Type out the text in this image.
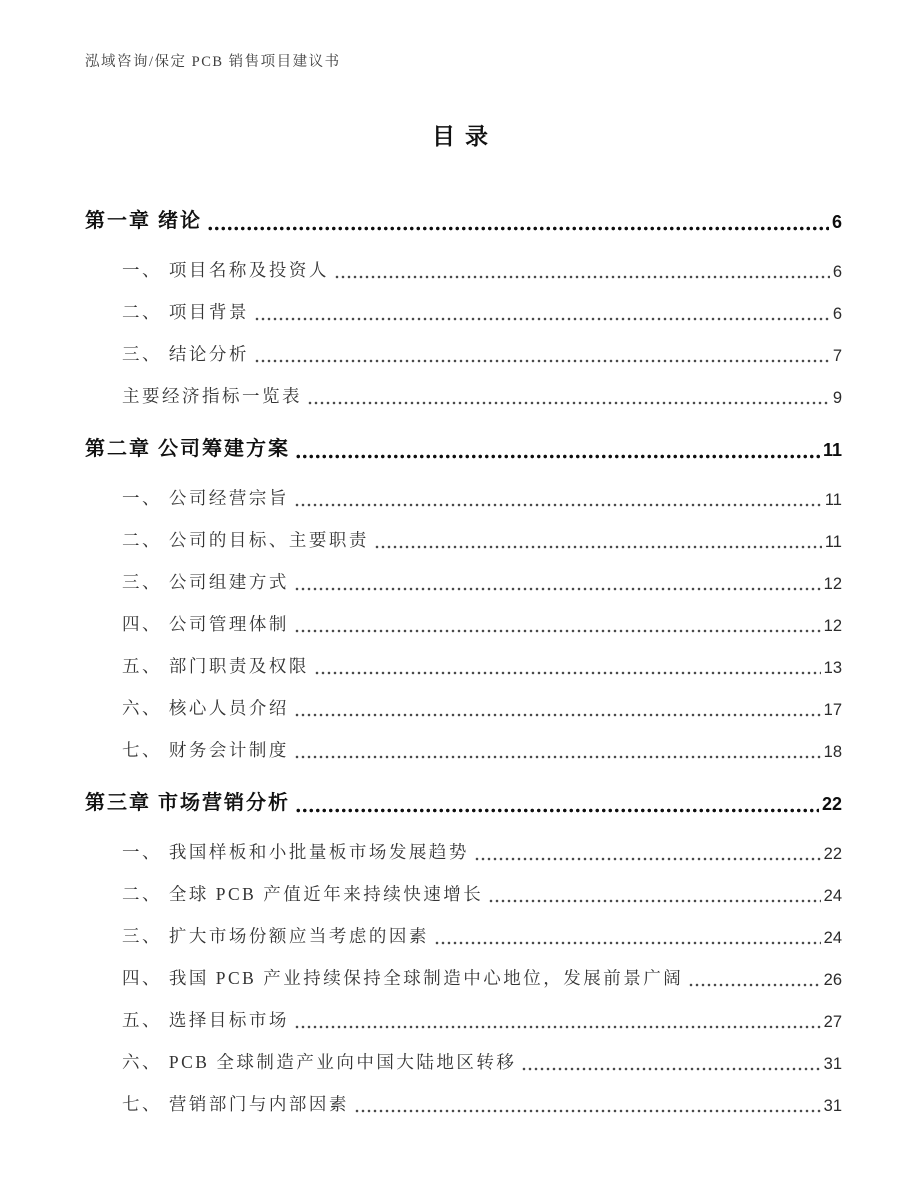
泓域咨询/保定 PCB 销售项目建议书
目录
第一章 绪论	6
一、 项目名称及投资人	6
二、 项目背景	6
三、 结论分析	7
主要经济指标一览表	9
第二章 公司筹建方案	11
一、 公司经营宗旨	11
二、 公司的目标、主要职责	11
三、 公司组建方式	12
四、 公司管理体制	12
五、 部门职责及权限	13
六、 核心人员介绍	17
七、 财务会计制度	18
第三章 市场营销分析	22
一、 我国样板和小批量板市场发展趋势	22
二、 全球 PCB 产值近年来持续快速增长	24
三、 扩大市场份额应当考虑的因素	24
四、 我国 PCB 产业持续保持全球制造中心地位，发展前景广阔	26
五、 选择目标市场	27
六、 PCB 全球制造产业向中国大陆地区转移	31
七、 营销部门与内部因素	31
